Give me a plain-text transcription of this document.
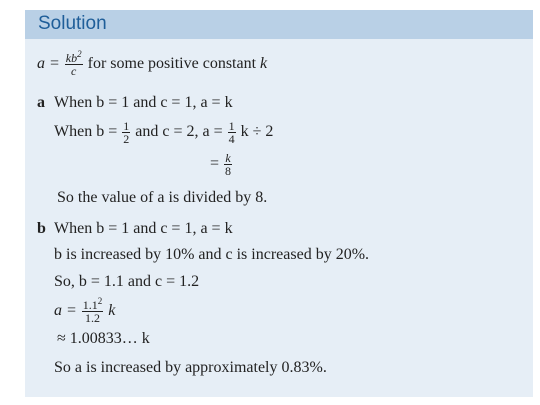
Solution
$a = \frac{kb^2}{c}$ for some positive constant k
a When b = 1 and c = 1, a = k
When $b = \frac{1}{2}$ and c = 2, $a = \frac{1}{4}$ k ÷ 2
= $\frac{k}{8}$
So the value of a is divided by 8.
b When b = 1 and c = 1, a = k
b is increased by 10% and c is increased by 20%.
So, b = 1.1 and c = 1.2
$a = \frac{1.1^2}{1.2}$ k
≈ 1.00833… k
So a is increased by approximately 0.83%.
